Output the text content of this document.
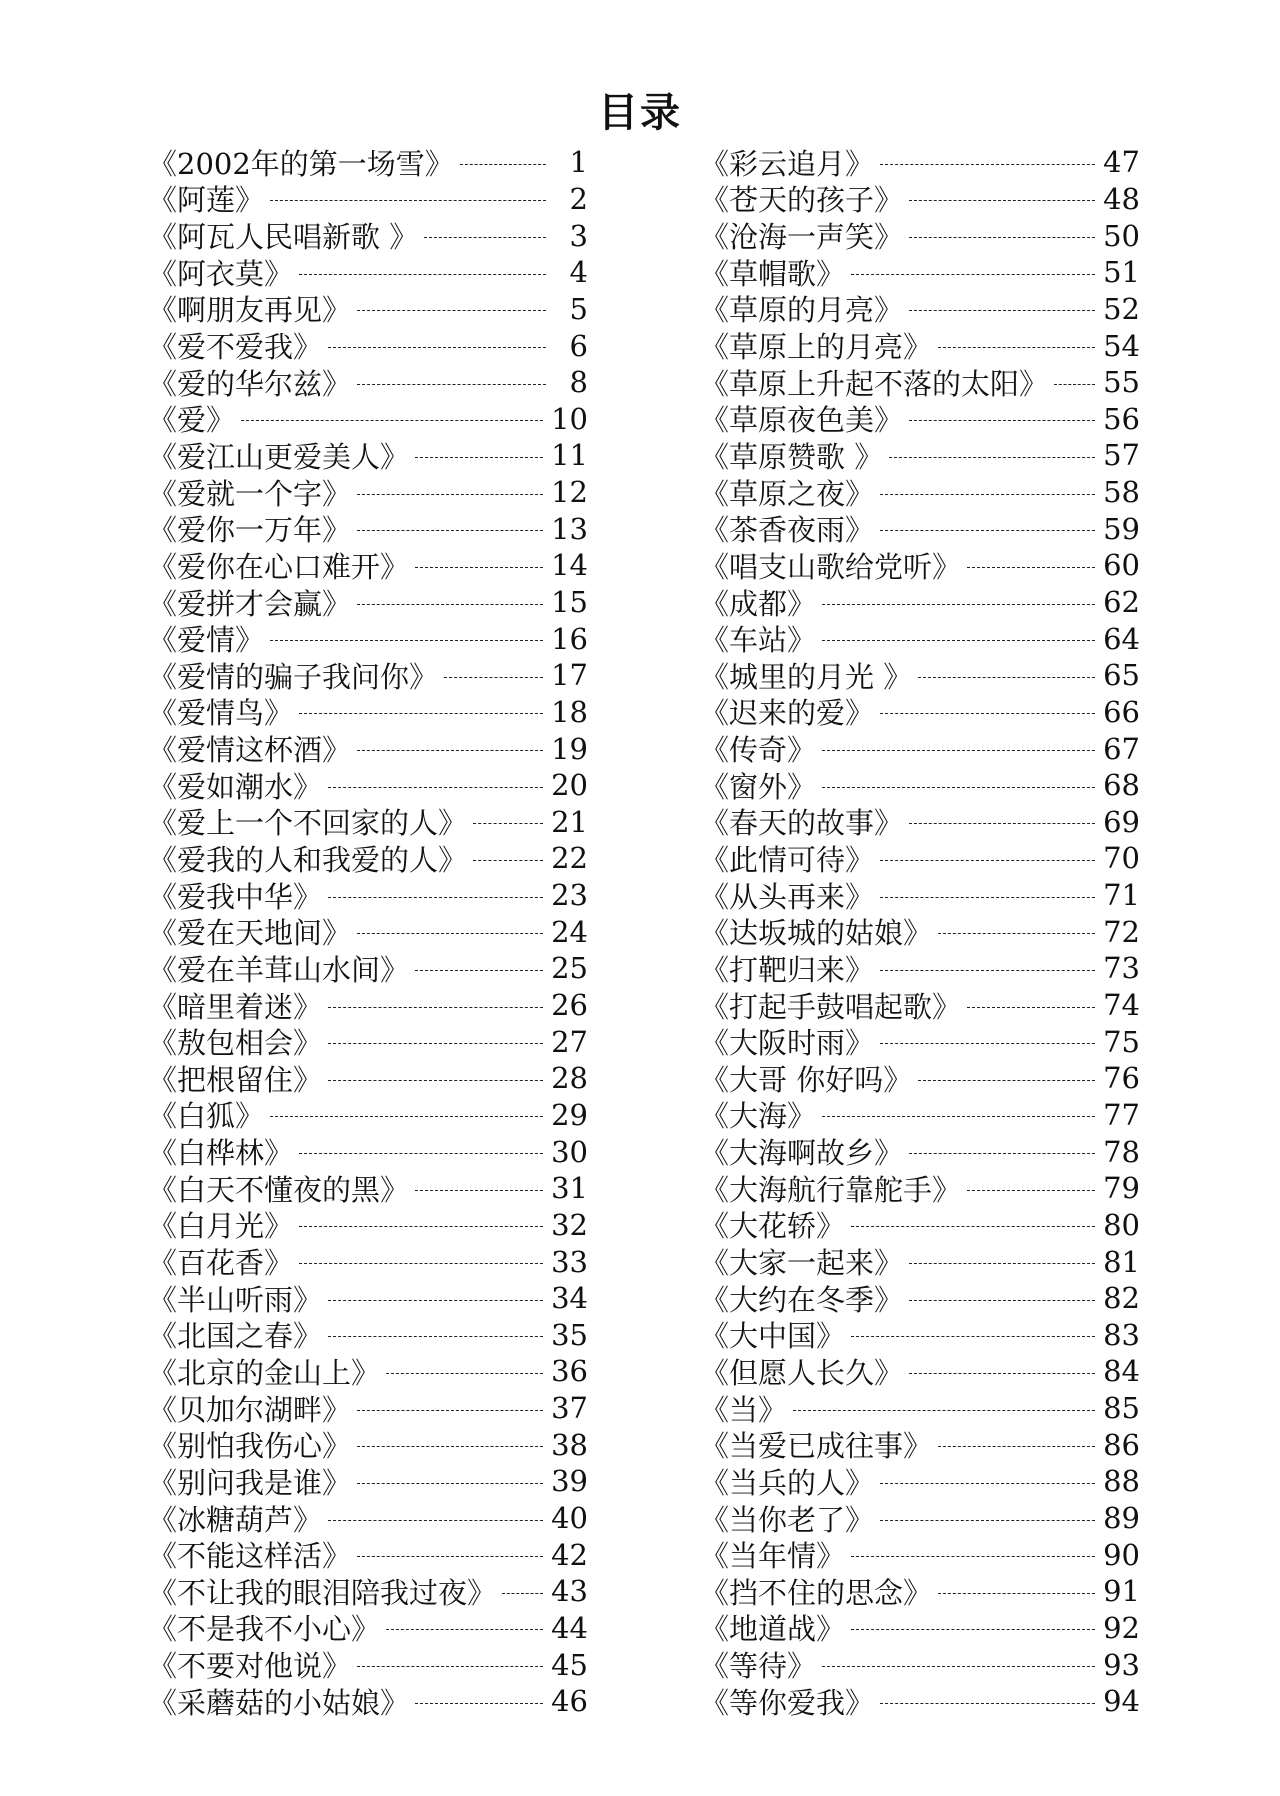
目录
《2002年的第一场雪》	1
《阿莲》	2
《阿瓦人民唱新歌 》	3
《阿衣莫》	4
《啊朋友再见》	5
《爱不爱我》	6
《爱的华尔兹》	8
《爱》	10
《爱江山更爱美人》	11
《爱就一个字》	12
《爱你一万年》	13
《爱你在心口难开》	14
《爱拼才会赢》	15
《爱情》	16
《爱情的骗子我问你》	17
《爱情鸟》	18
《爱情这杯酒》	19
《爱如潮水》	20
《爱上一个不回家的人》	21
《爱我的人和我爱的人》	22
《爱我中华》	23
《爱在天地间》	24
《爱在羊茸山水间》	25
《暗里着迷》	26
《敖包相会》	27
《把根留住》	28
《白狐》	29
《白桦林》	30
《白天不懂夜的黑》	31
《白月光》	32
《百花香》	33
《半山听雨》	34
《北国之春》	35
《北京的金山上》	36
《贝加尔湖畔》	37
《别怕我伤心》	38
《别问我是谁》	39
《冰糖葫芦》	40
《不能这样活》	42
《不让我的眼泪陪我过夜》 43
《不是我不小心》	44
《不要对他说》	45
《采蘑菇的小姑娘》	46
《彩云追月》	47
《苍天的孩子》	48
《沧海一声笑》	50
《草帽歌》	51
《草原的月亮》	52
《草原上的月亮》	54
《草原上升起不落的太阳》 55
《草原夜色美》	56
《草原赞歌 》	57
《草原之夜》	58
《茶香夜雨》	59
《唱支山歌给党听》	60
《成都》	62
《车站》	64
《城里的月光 》	65
《迟来的爱》	66
《传奇》	67
《窗外》	68
《春天的故事》	69
《此情可待》	70
《从头再来》	71
《达坂城的姑娘》	72
《打靶归来》	73
《打起手鼓唱起歌》	74
《大阪时雨》	75
《大哥 你好吗》	76
《大海》	77
《大海啊故乡》	78
《大海航行靠舵手》	79
《大花轿》	80
《大家一起来》	81
《大约在冬季》	82
《大中国》	83
《但愿人长久》	84
《当》	85
《当爱已成往事》	86
《当兵的人》	88
《当你老了》	89
《当年情》	90
《挡不住的思念》	91
《地道战》	92
《等待》	93
《等你爱我》	94
